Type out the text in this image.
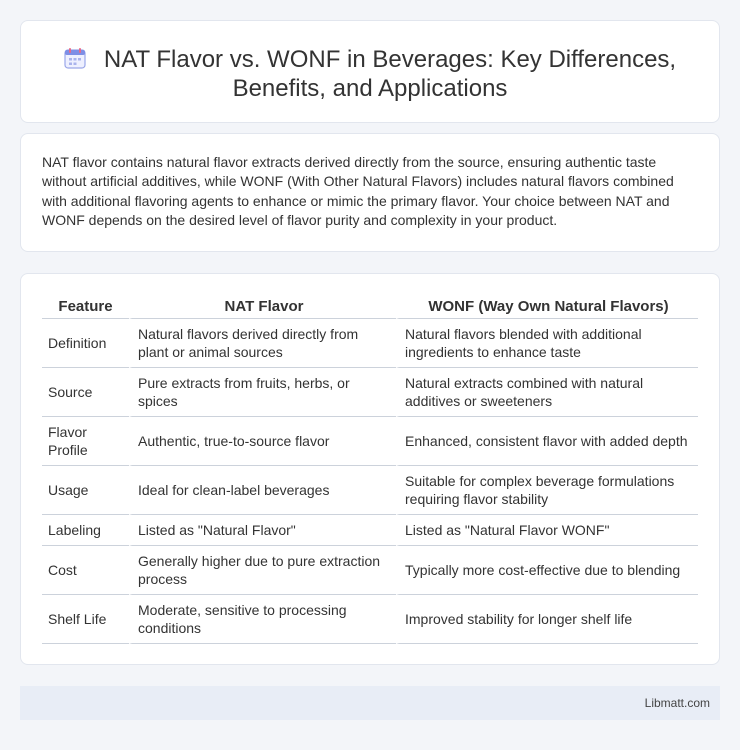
NAT Flavor vs. WONF in Beverages: Key Differences, Benefits, and Applications

NAT flavor contains natural flavor extracts derived directly from the source, ensuring authentic taste without artificial additives, while WONF (With Other Natural Flavors) includes natural flavors combined with additional flavoring agents to enhance or mimic the primary flavor. Your choice between NAT and WONF depends on the desired level of flavor purity and complexity in your product.

Feature	NAT Flavor	WONF (Way Own Natural Flavors)
Definition	Natural flavors derived directly from plant or animal sources	Natural flavors blended with additional ingredients to enhance taste
Source	Pure extracts from fruits, herbs, or spices	Natural extracts combined with natural additives or sweeteners
Flavor Profile	Authentic, true-to-source flavor	Enhanced, consistent flavor with added depth
Usage	Ideal for clean-label beverages	Suitable for complex beverage formulations requiring flavor stability
Labeling	Listed as "Natural Flavor"	Listed as "Natural Flavor WONF"
Cost	Generally higher due to pure extraction process	Typically more cost-effective due to blending
Shelf Life	Moderate, sensitive to processing conditions	Improved stability for longer shelf life
Libmatt.com
